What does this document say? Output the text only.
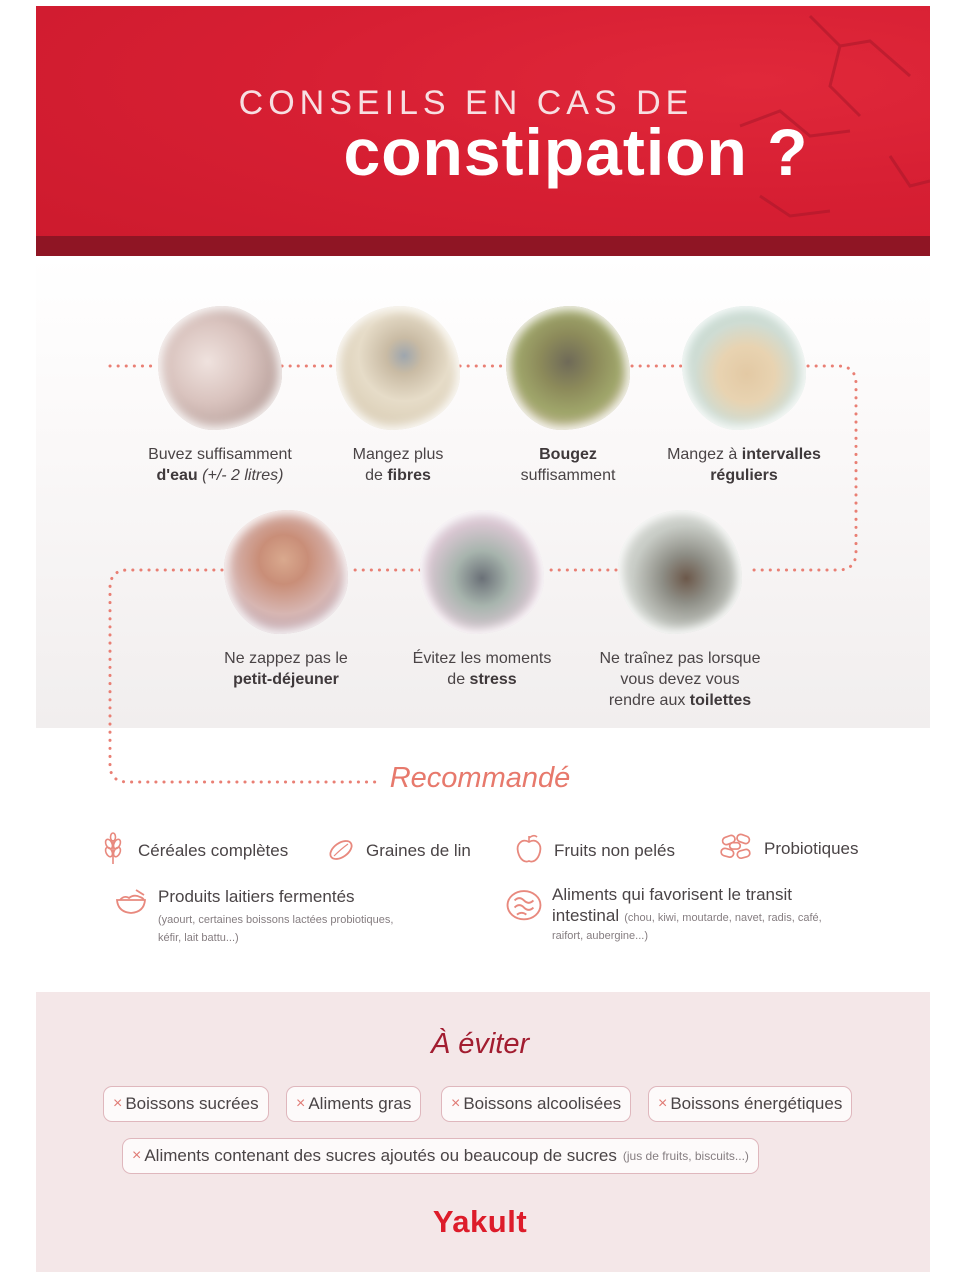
CONSEILS EN CAS DE
constipation ?
Buvez suffisamment
d'eau (+/- 2 litres)
Mangez plus
de fibres
Bougez
suffisamment
Mangez à intervalles
réguliers
Ne zappez pas le
petit-déjeuner
Évitez les moments
de stress
Ne traînez pas lorsque
vous devez vous
rendre aux toilettes
Recommandé
Céréales complètes	Graines de lin	Fruits non pelés	Probiotiques
Produits laitiers fermentés
(yaourt, certaines boissons lactées probiotiques,
kéfir, lait battu...)
Aliments qui favorisent le transit
intestinal (chou, kiwi, moutarde, navet, radis, café,
raifort, aubergine...)
À éviter
× Boissons sucrées × Aliments gras × Boissons alcoolisées × Boissons énergétiques
× Aliments contenant des sucres ajoutés ou beaucoup de sucres (jus de fruits, biscuits...)
Yakult
